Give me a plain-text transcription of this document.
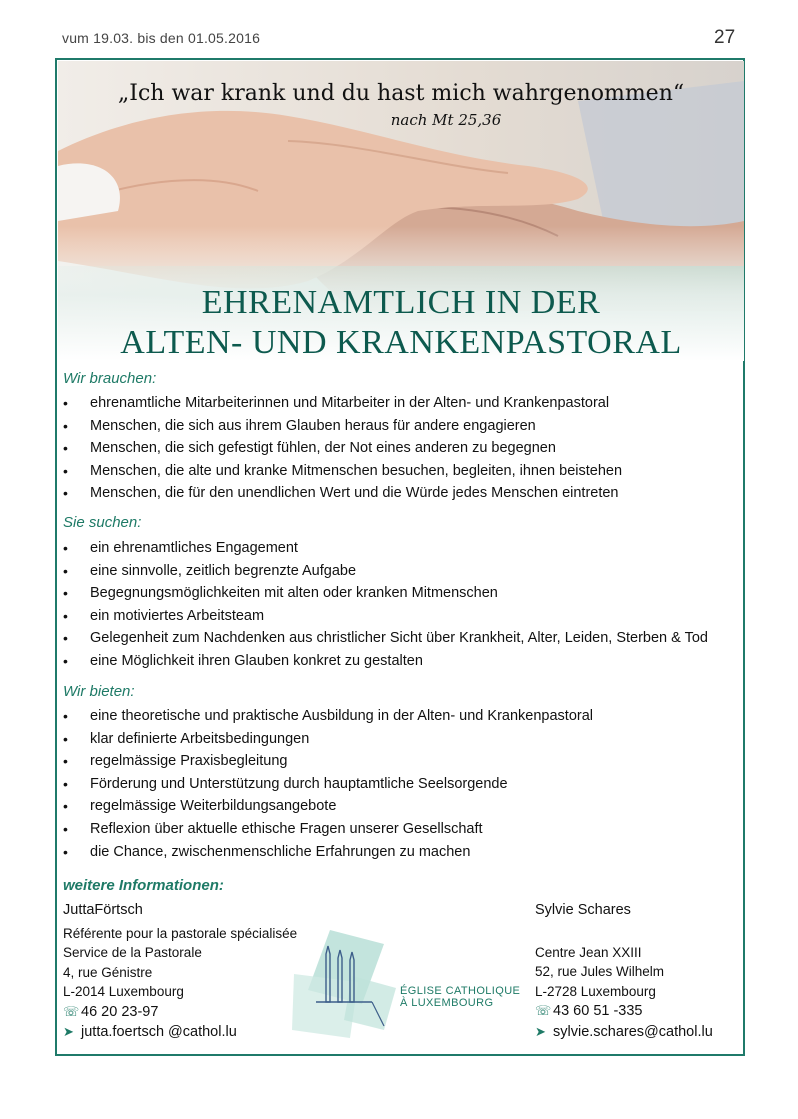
vum 19.03. bis den 01.05.2016	27
„Ich war krank und du hast mich wahrgenommen“
nach Mt 25,36
EHRENAMTLICH IN DER
ALTEN- UND KRANKENPASTORAL
Wir brauchen:
• ehrenamtliche Mitarbeiterinnen und Mitarbeiter in der Alten- und Krankenpastoral
• Menschen, die sich aus ihrem Glauben heraus für andere engagieren
• Menschen, die sich gefestigt fühlen, der Not eines anderen zu begegnen
• Menschen, die alte und kranke Mitmenschen besuchen, begleiten, ihnen beistehen
• Menschen, die für den unendlichen Wert und die Würde jedes Menschen eintreten
Sie suchen:
• ein ehrenamtliches Engagement
• eine sinnvolle, zeitlich begrenzte Aufgabe
• Begegnungsmöglichkeiten mit alten oder kranken Mitmenschen
• ein motiviertes Arbeitsteam
• Gelegenheit zum Nachdenken aus christlicher Sicht über Krankheit, Alter, Leiden, Sterben & Tod
• eine Möglichkeit ihren Glauben konkret zu gestalten
Wir bieten:
• eine theoretische und praktische Ausbildung in der Alten- und Krankenpastoral
• klar definierte Arbeitsbedingungen
• regelmässige Praxisbegleitung
• Förderung und Unterstützung durch hauptamtliche Seelsorgende
• regelmässige Weiterbildungsangebote
• Reflexion über aktuelle ethische Fragen unserer Gesellschaft
• die Chance, zwischenmenschliche Erfahrungen zu machen
weitere Informationen:
JuttaFörtsch
Référente pour la pastorale spécialisée
Service de la Pastorale
4, rue Génistre
L-2014 Luxembourg
☏ 46 20 23-97
➤ jutta.foertsch @cathol.lu
Sylvie Schares
Centre Jean XXIII
52, rue Jules Wilhelm
L-2728 Luxembourg
☏ 43 60 51 -335
➤ sylvie.schares@cathol.lu
ÉGLISE CATHOLIQUE
À LUXEMBOURG
